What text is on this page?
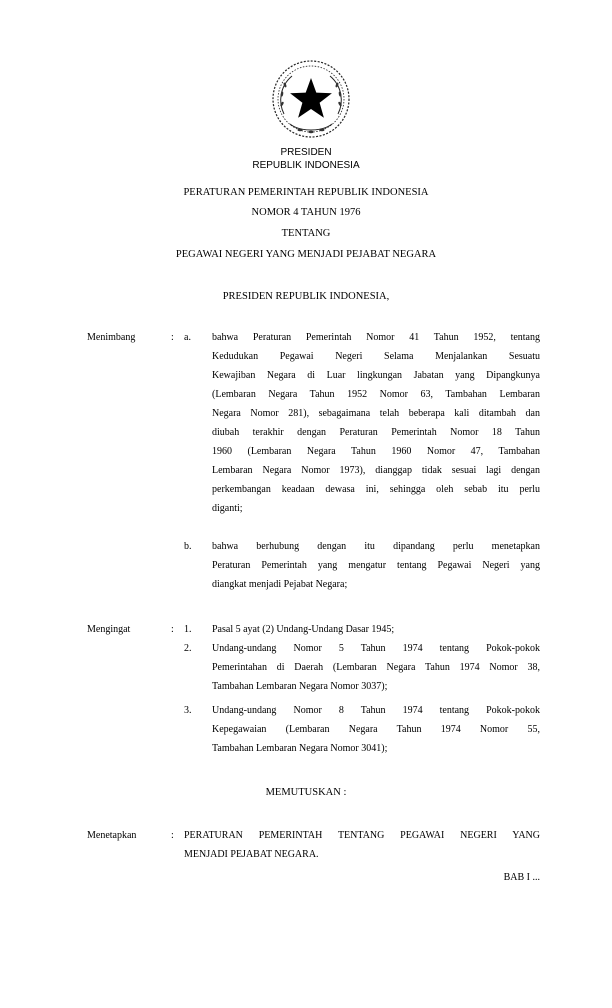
PRESIDEN
REPUBLIK INDONESIA
PERATURAN PEMERINTAH REPUBLIK INDONESIA
NOMOR 4 TAHUN 1976
TENTANG
PEGAWAI NEGERI YANG MENJADI PEJABAT NEGARA
PRESIDEN REPUBLIK INDONESIA,
Menimbang	: a. bahwa Peraturan Pemerintah Nomor 41 Tahun 1952, tentang
Kedudukan Pegawai Negeri Selama Menjalankan Sesuatu
Kewajiban Negara di Luar lingkungan Jabatan yang Dipangkunya
(Lembaran Negara Tahun 1952 Nomor 63, Tambahan Lembaran
Negara Nomor 281), sebagaimana telah beberapa kali ditambah dan
diubah terakhir dengan Peraturan Pemerintah Nomor 18 Tahun
1960 (Lembaran Negara Tahun 1960 Nomor 47, Tambahan
Lembaran Negara Nomor 1973), dianggap tidak sesuai lagi dengan
perkembangan keadaan dewasa ini, sehingga oleh sebab itu perlu
diganti;
b. bahwa berhubung dengan itu dipandang perlu menetapkan
Peraturan Pemerintah yang mengatur tentang Pegawai Negeri yang
diangkat menjadi Pejabat Negara;
Mengingat	: 1. Pasal 5 ayat (2) Undang-Undang Dasar 1945;
2. Undang-undang Nomor 5 Tahun 1974 tentang Pokok-pokok
Pemerintahan di Daerah (Lembaran Negara Tahun 1974 Nomor 38,
Tambahan Lembaran Negara Nomor 3037);
3. Undang-undang Nomor 8 Tahun 1974 tentang Pokok-pokok
Kepegawaian (Lembaran Negara Tahun 1974 Nomor 55,
Tambahan Lembaran Negara Nomor 3041);
MEMUTUSKAN :
Menetapkan	: PERATURAN PEMERINTAH TENTANG PEGAWAI NEGERI YANG
MENJADI PEJABAT NEGARA.
BAB I ...
